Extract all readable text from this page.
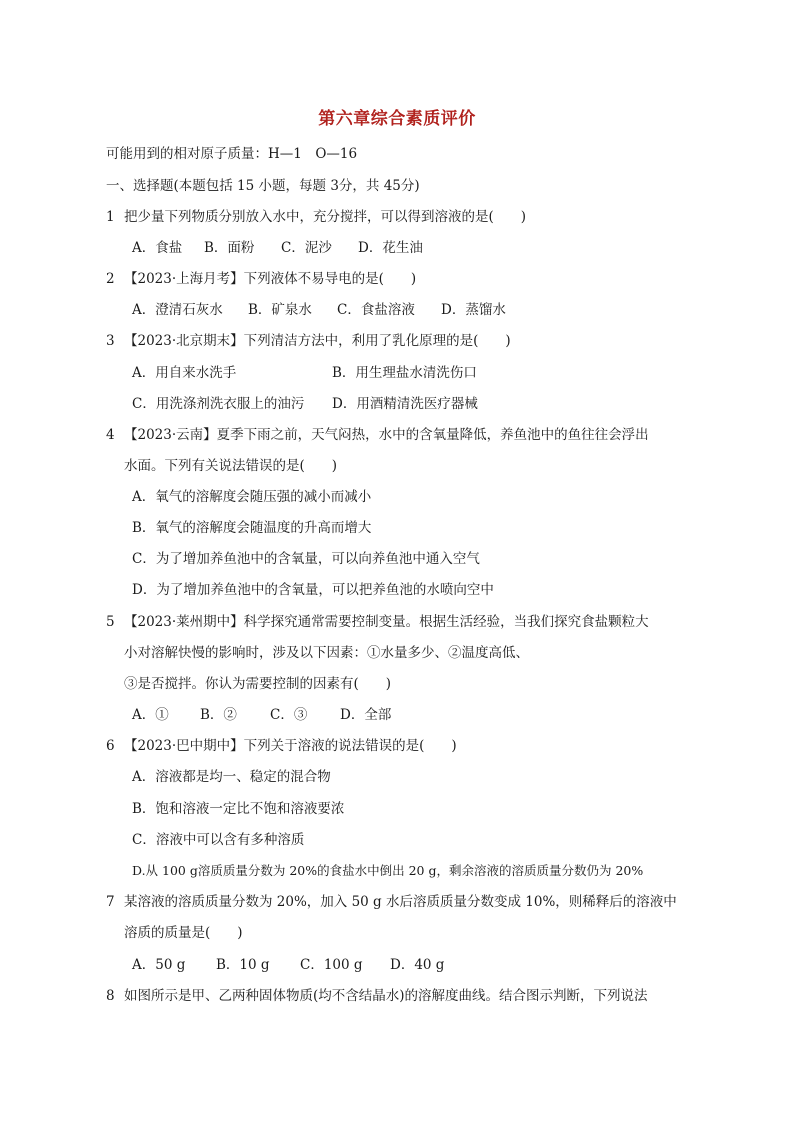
第六章综合素质评价
可能用到的相对原子质量：H—1　O—16
一、选择题(本题包括 15 小题，每题 3分，共 45分)
1 把少量下列物质分别放入水中，充分搅拌，可以得到溶液的是(　　)
A．食盐 B．面粉 C．泥沙 D．花生油
2 【2023·上海月考】下列液体不易导电的是(　　)
A．澄清石灰水 B．矿泉水 C．食盐溶液 D．蒸馏水
3 【2023·北京期末】下列清洁方法中，利用了乳化原理的是(　　)
A．用自来水洗手	B．用生理盐水清洗伤口
C．用洗涤剂洗衣服上的油污 D．用酒精清洗医疗器械
4 【2023·云南】夏季下雨之前，天气闷热，水中的含氧量降低，养鱼池中的鱼往往会浮出
水面。下列有关说法错误的是(　　)
A．氧气的溶解度会随压强的减小而减小
B．氧气的溶解度会随温度的升高而增大
C．为了增加养鱼池中的含氧量，可以向养鱼池中通入空气
D．为了增加养鱼池中的含氧量，可以把养鱼池的水喷向空中
5 【2023·莱州期中】科学探究通常需要控制变量。根据生活经验，当我们探究食盐颗粒大
小对溶解快慢的影响时，涉及以下因素：①水量多少、②温度高低、
③是否搅拌。你认为需要控制的因素有(　　)
A．① B．② C．③ D．全部
6 【2023·巴中期中】下列关于溶液的说法错误的是(　　)
A．溶液都是均一、稳定的混合物
B．饱和溶液一定比不饱和溶液要浓
C．溶液中可以含有多种溶质
D.从 100 g溶质质量分数为 20%的食盐水中倒出 20 g，剩余溶液的溶质质量分数仍为 20%
7 某溶液的溶质质量分数为 20%，加入 50 g 水后溶质质量分数变成 10%，则稀释后的溶液中
溶质的质量是(　　)
A．50 g B．10 g C．100 g D．40 g
8 如图所示是甲、乙两种固体物质(均不含结晶水)的溶解度曲线。结合图示判断，下列说法
